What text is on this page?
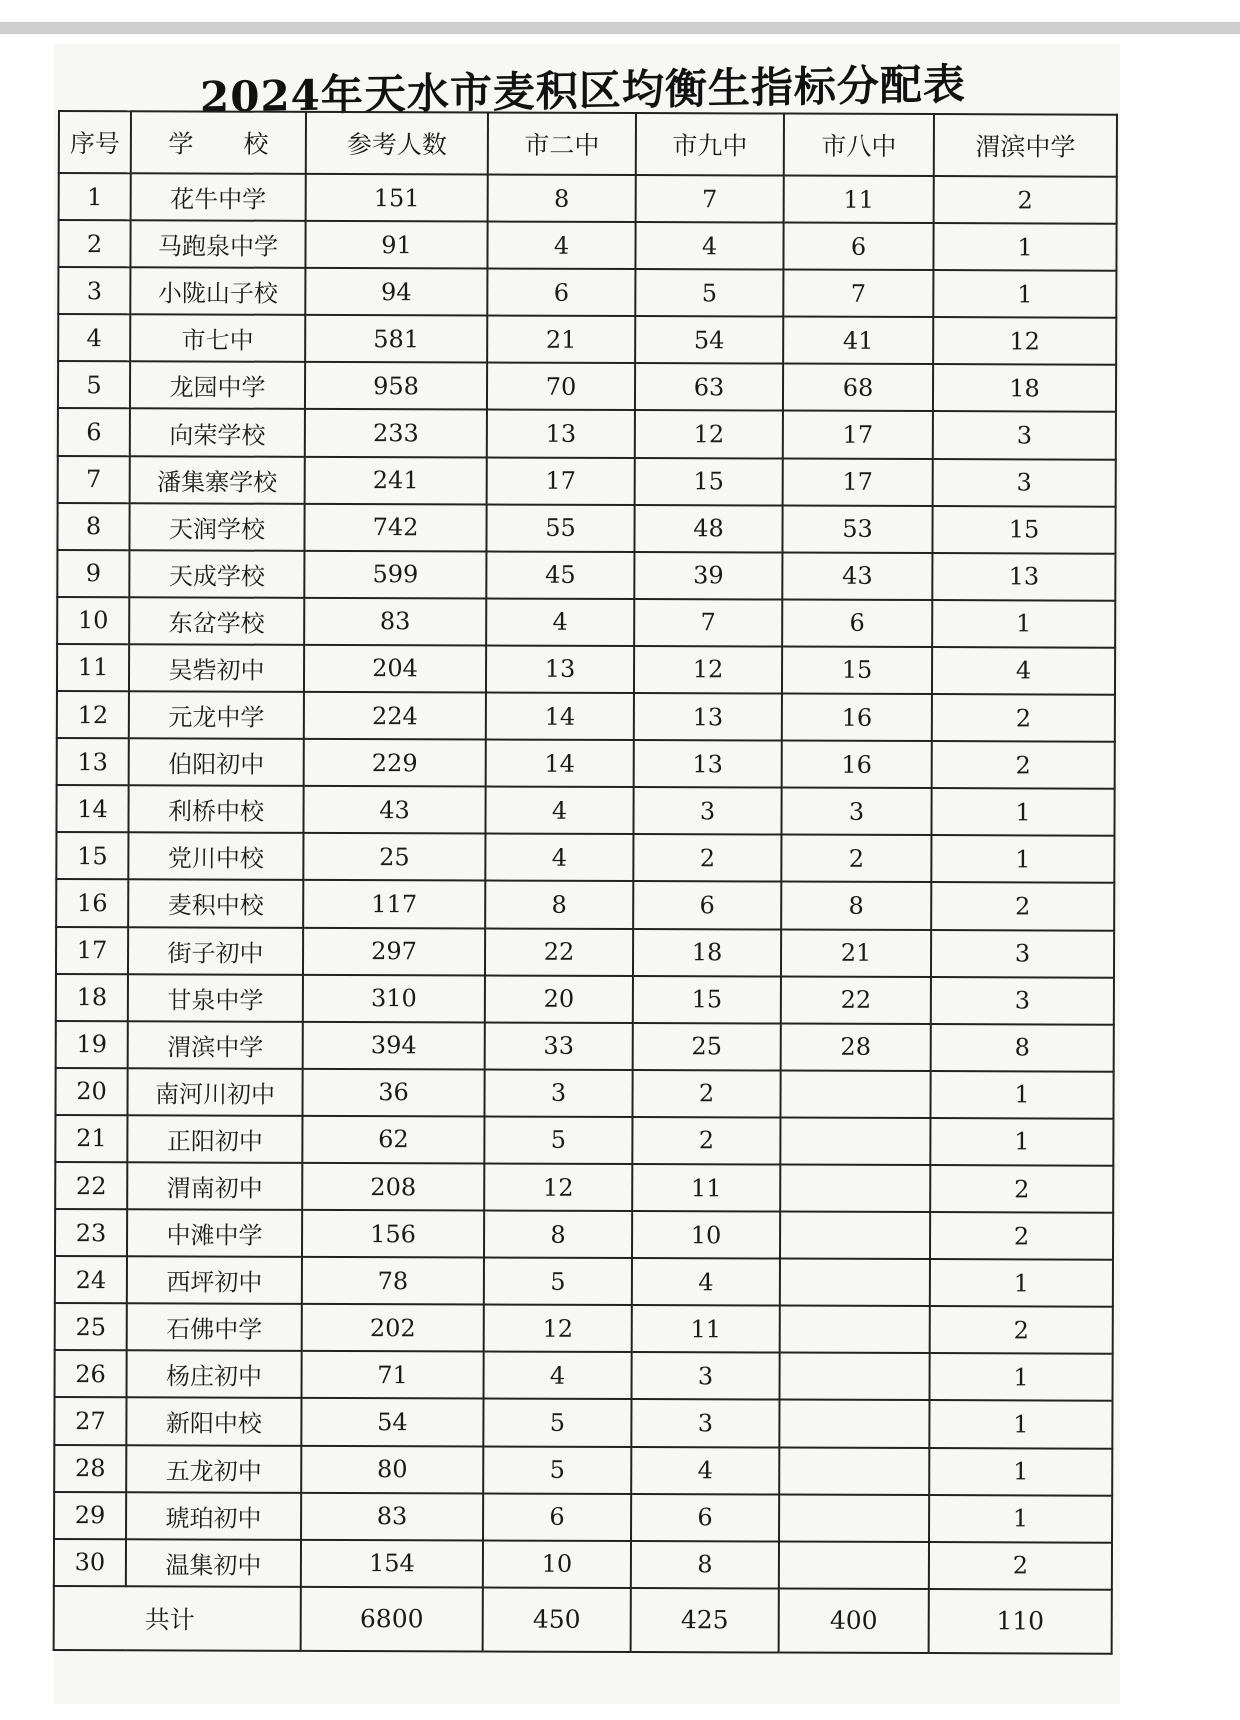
2024年天水市麦积区均衡生指标分配表
序号	学　　校	参考人数	市二中	市九中	市八中	渭滨中学
1	花牛中学	151	8	7	11	2
2	马跑泉中学	91	4	4	6	1
3	小陇山子校	94	6	5	7	1
4	市七中	581	21	54	41	12
5	龙园中学	958	70	63	68	18
6	向荣学校	233	13	12	17	3
7	潘集寨学校	241	17	15	17	3
8	天润学校	742	55	48	53	15
9	天成学校	599	45	39	43	13
10	东岔学校	83	4	7	6	1
11	吴砦初中	204	13	12	15	4
12	元龙中学	224	14	13	16	2
13	伯阳初中	229	14	13	16	2
14	利桥中校	43	4	3	3	1
15	党川中校	25	4	2	2	1
16	麦积中校	117	8	6	8	2
17	街子初中	297	22	18	21	3
18	甘泉中学	310	20	15	22	3
19	渭滨中学	394	33	25	28	8
20	南河川初中	36	3	2		1
21	正阳初中	62	5	2		1
22	渭南初中	208	12	11		2
23	中滩中学	156	8	10		2
24	西坪初中	78	5	4		1
25	石佛中学	202	12	11		2
26	杨庄初中	71	4	3		1
27	新阳中校	54	5	3		1
28	五龙初中	80	5	4		1
29	琥珀初中	83	6	6		1
30	温集初中	154	10	8		2
共计		6800	450	425	400	110
